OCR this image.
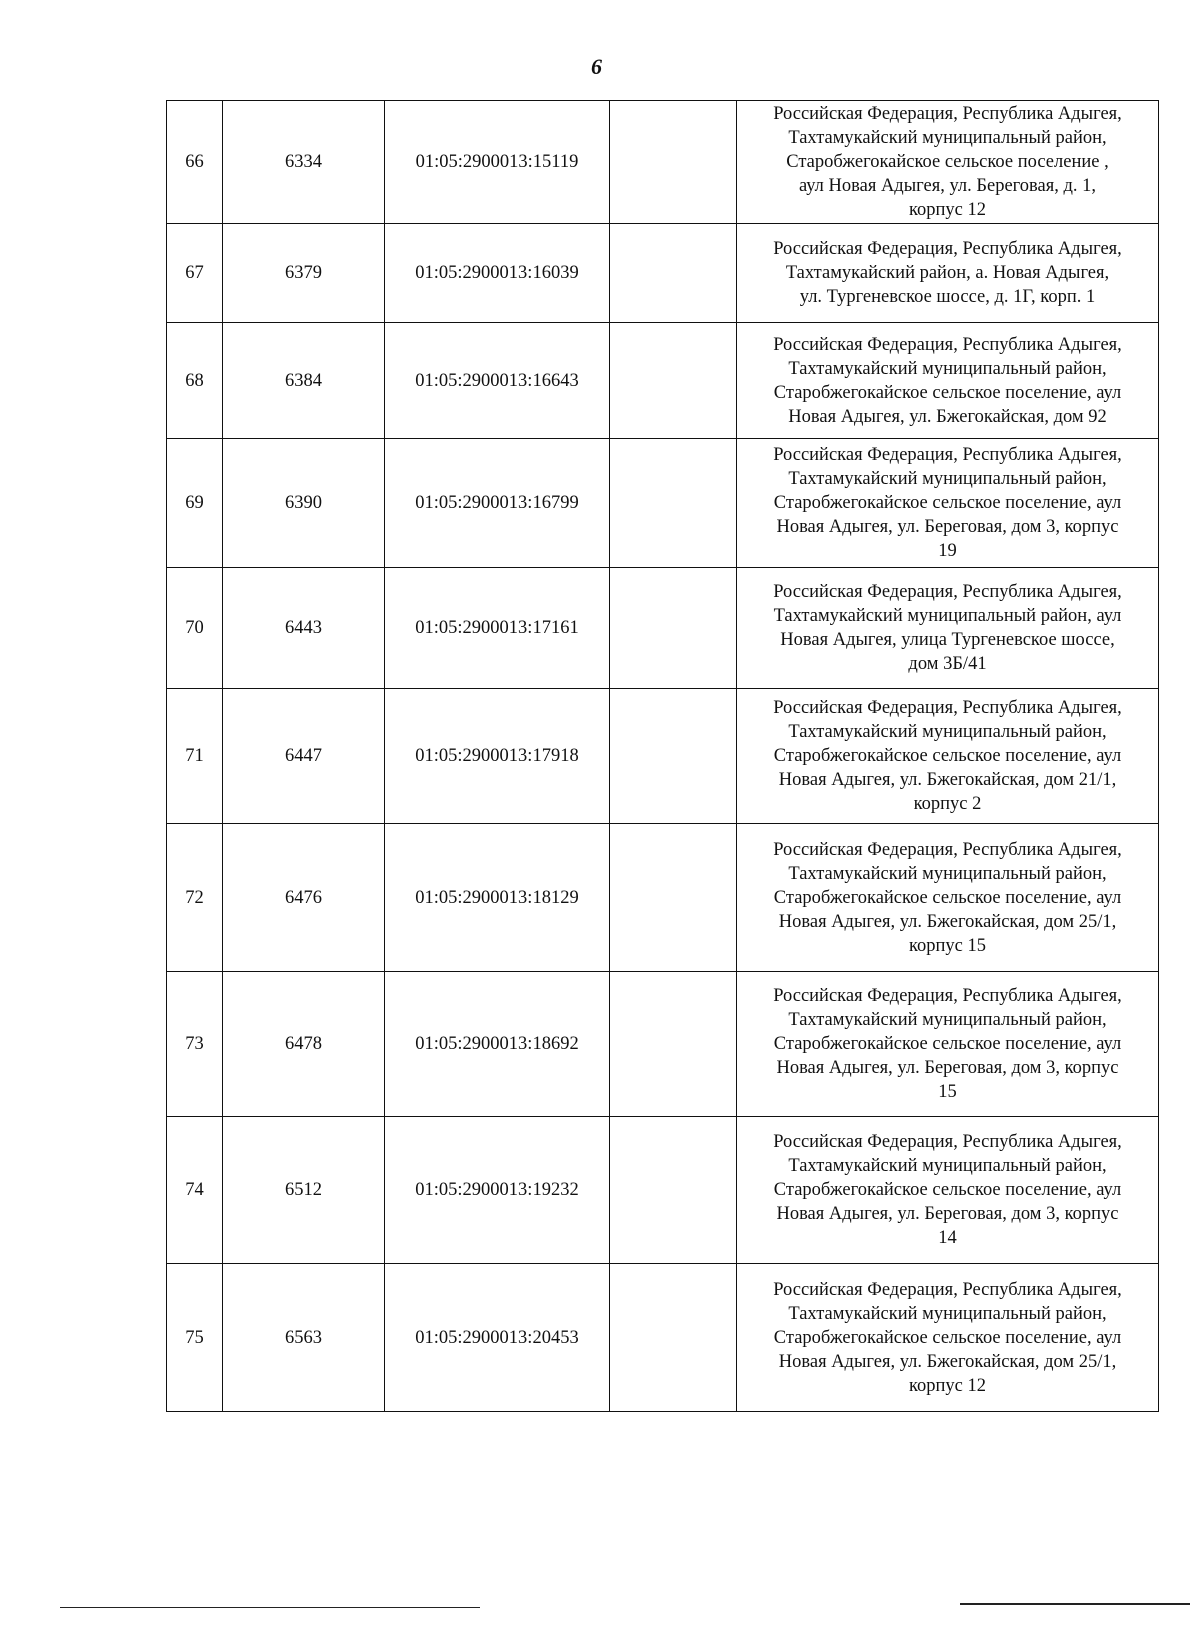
6
66	6334	01:05:2900013:15119		Российская Федерация, Республика Адыгея,
Тахтамукайский муниципальный район,
Старобжегокайское сельское поселение ,
аул Новая Адыгея, ул. Береговая, д. 1,
корпус 12

67	6379	01:05:2900013:16039		Российская Федерация, Республика Адыгея,
Тахтамукайский район, а. Новая Адыгея,
ул. Тургеневское шоссе, д. 1Г, корп. 1

68	6384	01:05:2900013:16643		Российская Федерация, Республика Адыгея,
Тахтамукайский муниципальный район,
Старобжегокайское сельское поселение, аул
Новая Адыгея, ул. Бжегокайская, дом 92

69	6390	01:05:2900013:16799		Российская Федерация, Республика Адыгея,
Тахтамукайский муниципальный район,
Старобжегокайское сельское поселение, аул
Новая Адыгея, ул. Береговая, дом 3, корпус
19

70	6443	01:05:2900013:17161		Российская Федерация, Республика Адыгея,
Тахтамукайский муниципальный район, аул
Новая Адыгея, улица Тургеневское шоссе,
дом 3Б/41

71	6447	01:05:2900013:17918		Российская Федерация, Республика Адыгея,
Тахтамукайский муниципальный район,
Старобжегокайское сельское поселение, аул
Новая Адыгея, ул. Бжегокайская, дом 21/1,
корпус 2

72	6476	01:05:2900013:18129		Российская Федерация, Республика Адыгея,
Тахтамукайский муниципальный район,
Старобжегокайское сельское поселение, аул
Новая Адыгея, ул. Бжегокайская, дом 25/1,
корпус 15

73	6478	01:05:2900013:18692		Российская Федерация, Республика Адыгея,
Тахтамукайский муниципальный район,
Старобжегокайское сельское поселение, аул
Новая Адыгея, ул. Береговая, дом 3, корпус
15

74	6512	01:05:2900013:19232		Российская Федерация, Республика Адыгея,
Тахтамукайский муниципальный район,
Старобжегокайское сельское поселение, аул
Новая Адыгея, ул. Береговая, дом 3, корпус
14

75	6563	01:05:2900013:20453		Российская Федерация, Республика Адыгея,
Тахтамукайский муниципальный район,
Старобжегокайское сельское поселение, аул
Новая Адыгея, ул. Бжегокайская, дом 25/1,
корпус 12
